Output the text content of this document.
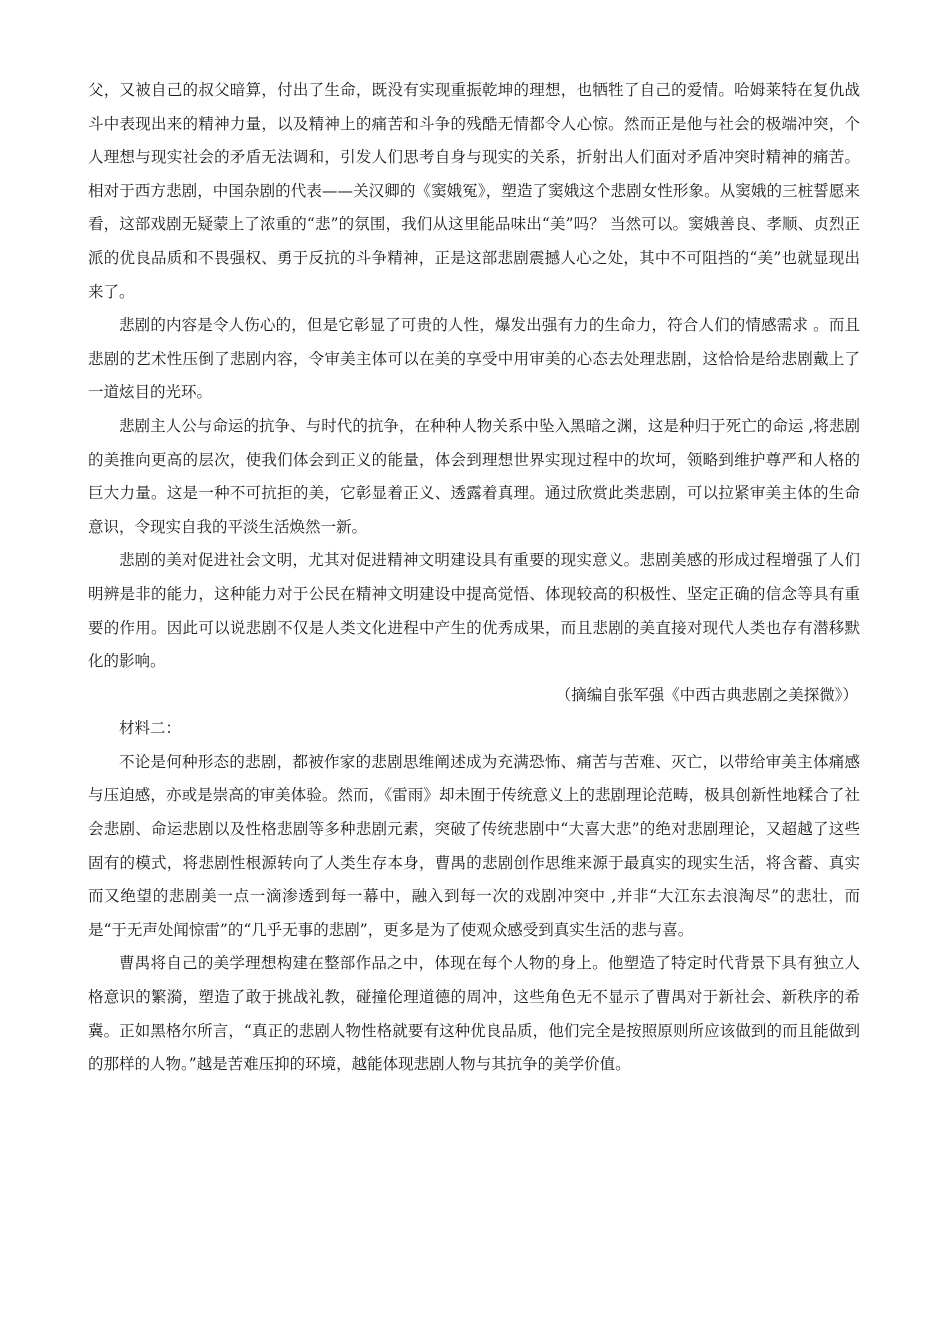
父，又被自己的叔父暗算，付出了生命，既没有实现重振乾坤的理想，也牺牲了自己的爱情。哈姆莱特在复仇战斗中表现出来的精神力量，以及精神上的痛苦和斗争的残酷无情都令人心惊。然而正是他与社会的极端冲突，个人理想与现实社会的矛盾无法调和，引发人们思考自身与现实的关系，折射出人们面对矛盾冲突时精神的痛苦。相对于西方悲剧，中国杂剧的代表——关汉卿的《窦娥冤》，塑造了窦娥这个悲剧女性形象。从窦娥的三桩誓愿来看，这部戏剧无疑蒙上了浓重的“悲”的氛围，我们从这里能品味出“美”吗？ 当然可以。窦娥善良、孝顺、贞烈正派的优良品质和不畏强权、勇于反抗的斗争精神，正是这部悲剧震撼人心之处，其中不可阻挡的“美”也就显现出来了。

悲剧的内容是令人伤心的，但是它彰显了可贵的人性，爆发出强有力的生命力，符合人们的情感需求 。而且悲剧的艺术性压倒了悲剧内容，令审美主体可以在美的享受中用审美的心态去处理悲剧，这恰恰是给悲剧戴上了一道炫目的光环。

悲剧主人公与命运的抗争、与时代的抗争，在种种人物关系中坠入黑暗之渊，这是种归于死亡的命运 ,将悲剧的美推向更高的层次，使我们体会到正义的能量，体会到理想世界实现过程中的坎坷，领略到维护尊严和人格的巨大力量。这是一种不可抗拒的美，它彰显着正义、透露着真理。通过欣赏此类悲剧，可以拉紧审美主体的生命意识，令现实自我的平淡生活焕然一新。

悲剧的美对促进社会文明，尤其对促进精神文明建设具有重要的现实意义。悲剧美感的形成过程增强了人们明辨是非的能力，这种能力对于公民在精神文明建设中提高觉悟、体现较高的积极性、坚定正确的信念等具有重要的作用。因此可以说悲剧不仅是人类文化进程中产生的优秀成果，而且悲剧的美直接对现代人类也存有潜移默化的影响。

（摘编自张军强《中西古典悲剧之美探微》）

材料二：

不论是何种形态的悲剧，都被作家的悲剧思维阐述成为充满恐怖、痛苦与苦难、灭亡，以带给审美主体痛感与压迫感，亦或是崇高的审美体验。然而，《雷雨》却未囿于传统意义上的悲剧理论范畴，极具创新性地糅合了社会悲剧、命运悲剧以及性格悲剧等多种悲剧元素，突破了传统悲剧中“大喜大悲”的绝对悲剧理论，又超越了这些固有的模式，将悲剧性根源转向了人类生存本身，曹禺的悲剧创作思维来源于最真实的现实生活，将含蓄、真实而又绝望的悲剧美一点一滴渗透到每一幕中，融入到每一次的戏剧冲突中 ,并非“大江东去浪淘尽”的悲壮，而是“于无声处闻惊雷”的“几乎无事的悲剧”，更多是为了使观众感受到真实生活的悲与喜。

曹禺将自己的美学理想构建在整部作品之中，体现在每个人物的身上。他塑造了特定时代背景下具有独立人格意识的繁漪，塑造了敢于挑战礼教，碰撞伦理道德的周冲，这些角色无不显示了曹禺对于新社会、新秩序的希冀。正如黑格尔所言，“真正的悲剧人物性格就要有这种优良品质，他们完全是按照原则所应该做到的而且能做到的那样的人物。”越是苦难压抑的环境，越能体现悲剧人物与其抗争的美学价值。
